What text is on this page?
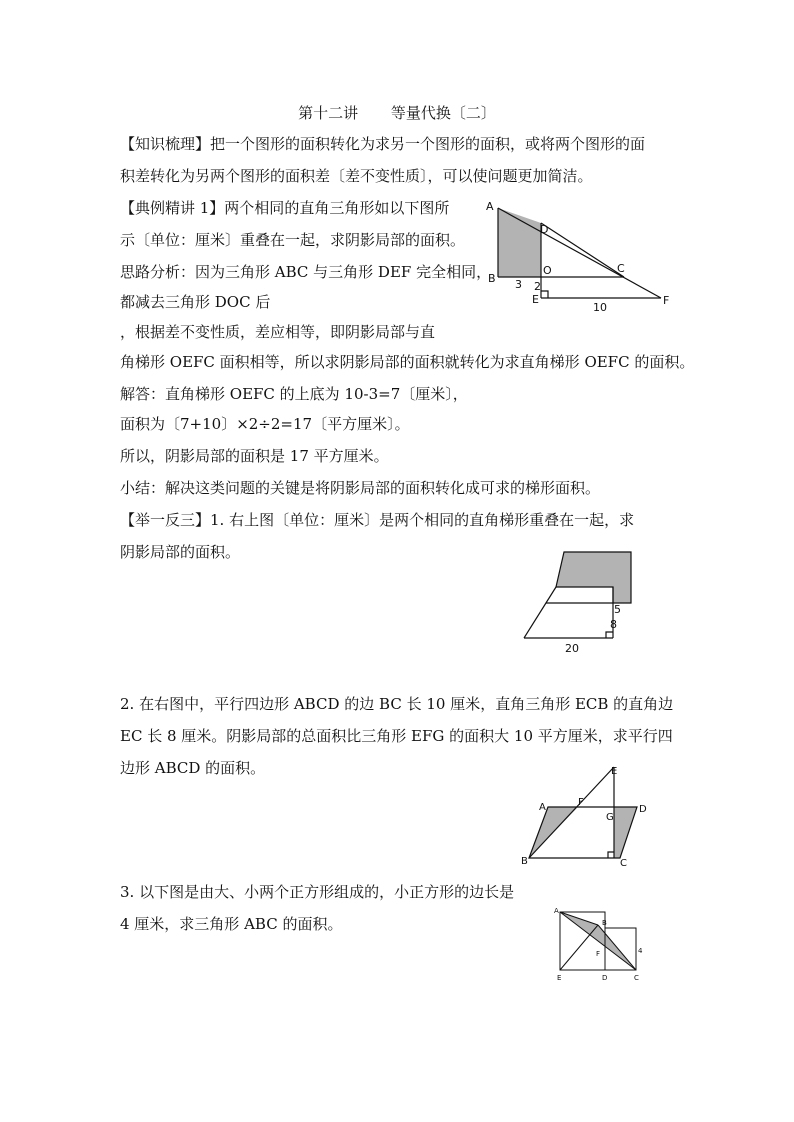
第十二讲 等量代换〔二〕
【知识梳理】把一个图形的面积转化为求另一个图形的面积，或将两个图形的面
积差转化为另两个图形的面积差〔差不变性质〕，可以使问题更加简洁。
【典例精讲 1】两个相同的直角三角形如以下图所
示〔单位：厘米〕重叠在一起，求阴影局部的面积。
思路分析：因为三角形 ABC 与三角形 DEF 完全相同，
都减去三角形 DOC 后
，根据差不变性质，差应相等，即阴影局部与直
角梯形 OEFC 面积相等，所以求阴影局部的面积就转化为求直角梯形 OEFC 的面积。
解答：直角梯形 OEFC 的上底为 10-3=7〔厘米〕，
面积为〔7+10〕×2÷2=17〔平方厘米〕。
所以，阴影局部的面积是 17 平方厘米。
小结：解决这类问题的关键是将阴影局部的面积转化成可求的梯形面积。
A
B
C
D
E	F
O
3 2
10
【举一反三】1. 右上图〔单位：厘米〕是两个相同的直角梯形重叠在一起，求
阴影局部的面积。
5
8
20
2. 在右图中，平行四边形 ABCD 的边 BC 长 10 厘米，直角三角形 ECB 的直角边
EC 长 8 厘米。阴影局部的总面积比三角形 EFG 的面积大 10 平方厘米，求平行四
边形 ABCD 的面积。
A
B	C
D
E
F
G
3. 以下图是由大、小两个正方形组成的，小正方形的边长是
4 厘米，求三角形 ABC 的面积。
A
B
C
D
E
F	4
